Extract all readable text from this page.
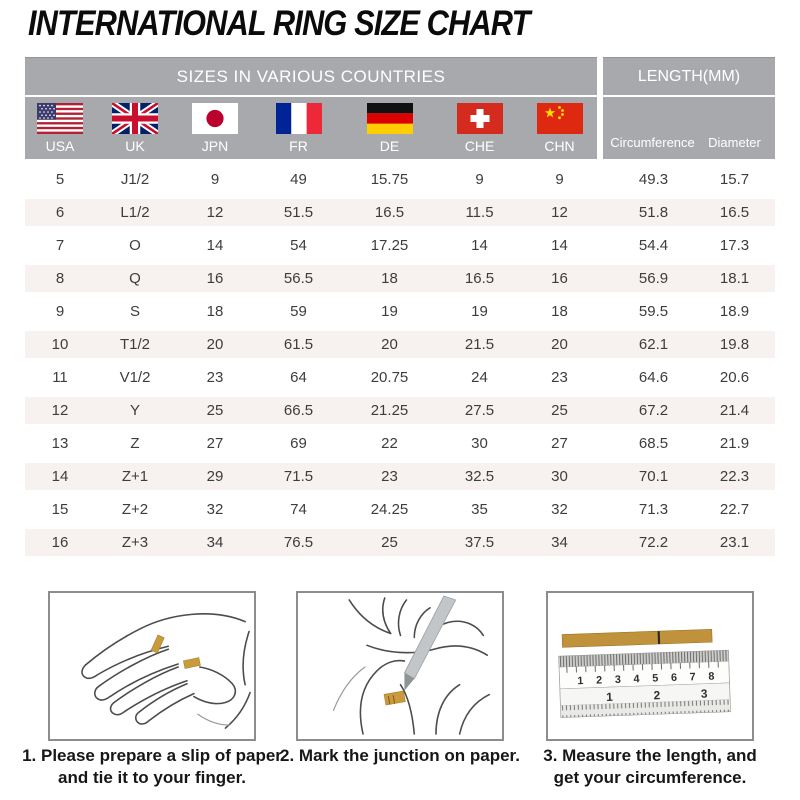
INTERNATIONAL RING SIZE CHART
SIZES IN VARIOUS COUNTRIES	LENGTH(MM)
USA	UK	JPN	FR	DE	CHE	CHN	Circumference Diameter
5	J1/2	9	49	15.75	9	9	49.3	15.7
6	L1/2	12	51.5	16.5	11.5	12	51.8	16.5
7	O	14	54	17.25	14	14	54.4	17.3
8	Q	16	56.5	18	16.5	16	56.9	18.1
9	S	18	59	19	19	18	59.5	18.9
10	T1/2	20	61.5	20	21.5	20	62.1	19.8
11	V1/2	23	64	20.75	24	23	64.6	20.6
12	Y	25	66.5	21.25	27.5	25	67.2	21.4
13	Z	27	69	22	30	27	68.5	21.9
14	Z+1	29	71.5	23	32.5	30	70.1	22.3
15	Z+2	32	74	24.25	35	32	71.3	22.7
16	Z+3	34	76.5	25	37.5	34	72.2	23.1
1 2 3 4 5 6 7 8
1	2	3
1. Please prepare a slip of paper
and tie it to your finger.
2. Mark the junction on paper.	3. Measure the length, and
get your circumference.
